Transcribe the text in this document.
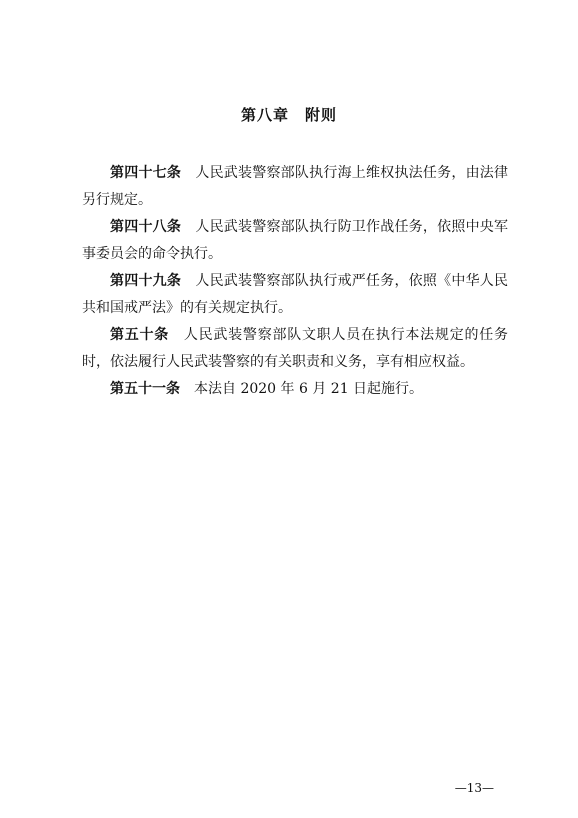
第八章 附则

第四十七条 人民武装警察部队执行海上维权执法任务，由法律另行规定。

第四十八条 人民武装警察部队执行防卫作战任务，依照中央军事委员会的命令执行。

第四十九条 人民武装警察部队执行戒严任务，依照《中华人民共和国戒严法》的有关规定执行。

第五十条 人民武装警察部队文职人员在执行本法规定的任务时，依法履行人民武装警察的有关职责和义务，享有相应权益。

第五十一条 本法自 2020 年 6 月 21 日起施行。

—13—
